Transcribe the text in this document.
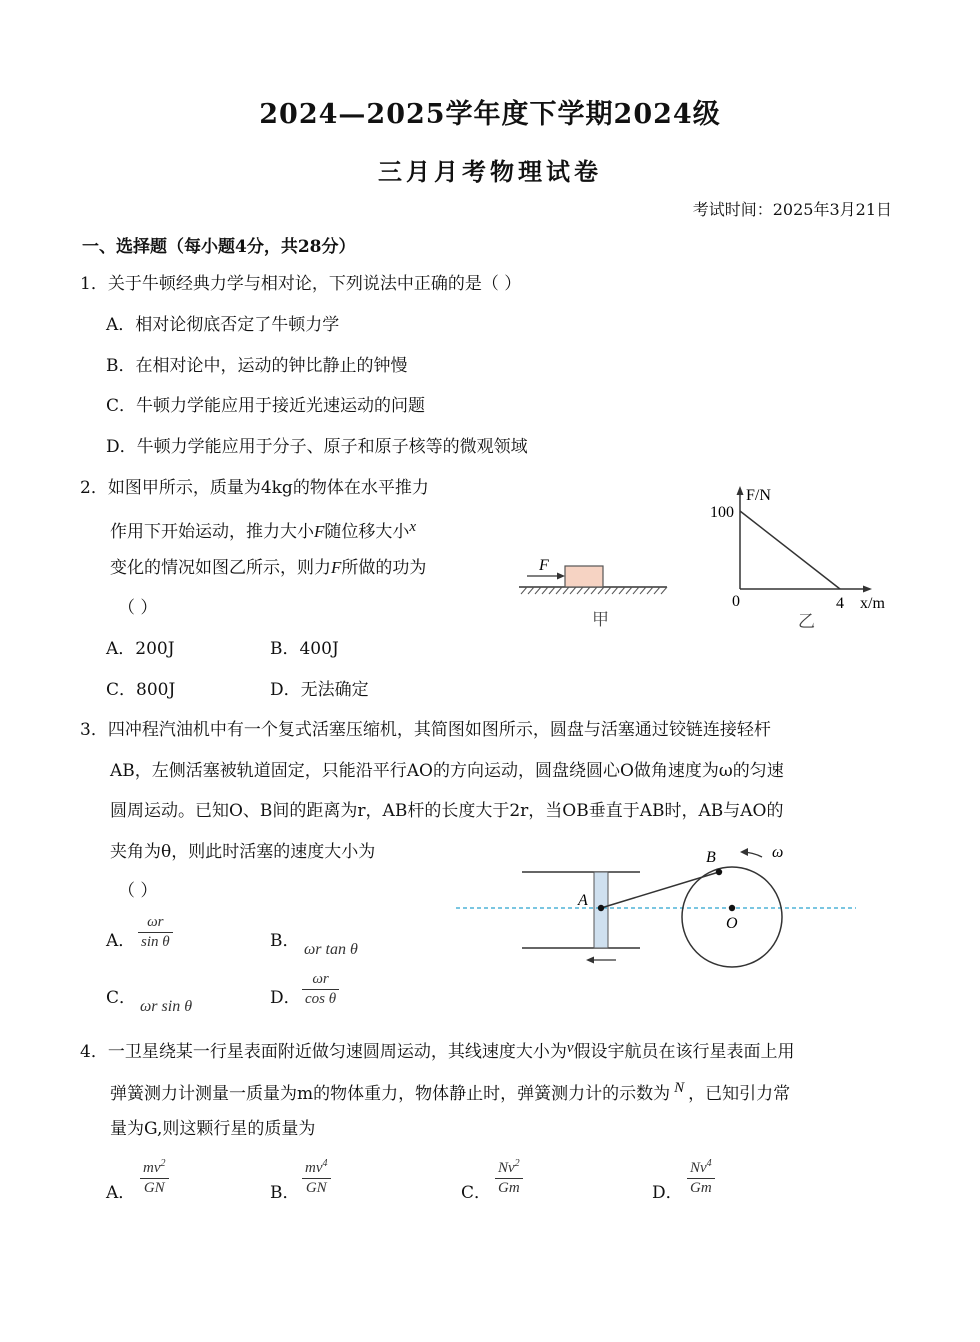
2024—2025学年度下学期2024级
三月月考物理试卷
考试时间：2025年3月21日
一、选择题（每小题4分，共28分）
1．关于牛顿经典力学与相对论，下列说法中正确的是（ ）
A．相对论彻底否定了牛顿力学
B．在相对论中，运动的钟比静止的钟慢
C．牛顿力学能应用于接近光速运动的问题
D．牛顿力学能应用于分子、原子和原子核等的微观领域
2．如图甲所示，质量为4kg的物体在水平推力
作用下开始运动，推力大小F随位移大小x
变化的情况如图乙所示，则力F所做的功为
（ ）
A．200J	B．400J
C．800J	D．无法确定
F
甲
F/N
100
0	4 x/m
乙
3．四冲程汽油机中有一个复式活塞压缩机，其简图如图所示，圆盘与活塞通过铰链连接轻杆
AB，左侧活塞被轨道固定，只能沿平行AO的方向运动，圆盘绕圆心O做角速度为ω的匀速
圆周运动。已知O、B间的距离为r，AB杆的长度大于2r，当OB垂直于AB时，AB与AO的
夹角为θ，则此时活塞的速度大小为
（ ）
A．
ωr
sin θ	B． ωr tan θ
C． ωr sin θ	D．
ωr
cos θ
A
B
O
ω
4．一卫星绕某一行星表面附近做匀速圆周运动，其线速度大小为v假设宇航员在该行星表面上用
弹簧测力计测量一质量为m的物体重力，物体静止时，弹簧测力计的示数为 N ，已知引力常
量为G,则这颗行星的质量为
A．
$mv^2$
GN	B．
$mv^4$
GN	C．
Nv$^2$
Gm	D．
Nv$^4$
Gm
